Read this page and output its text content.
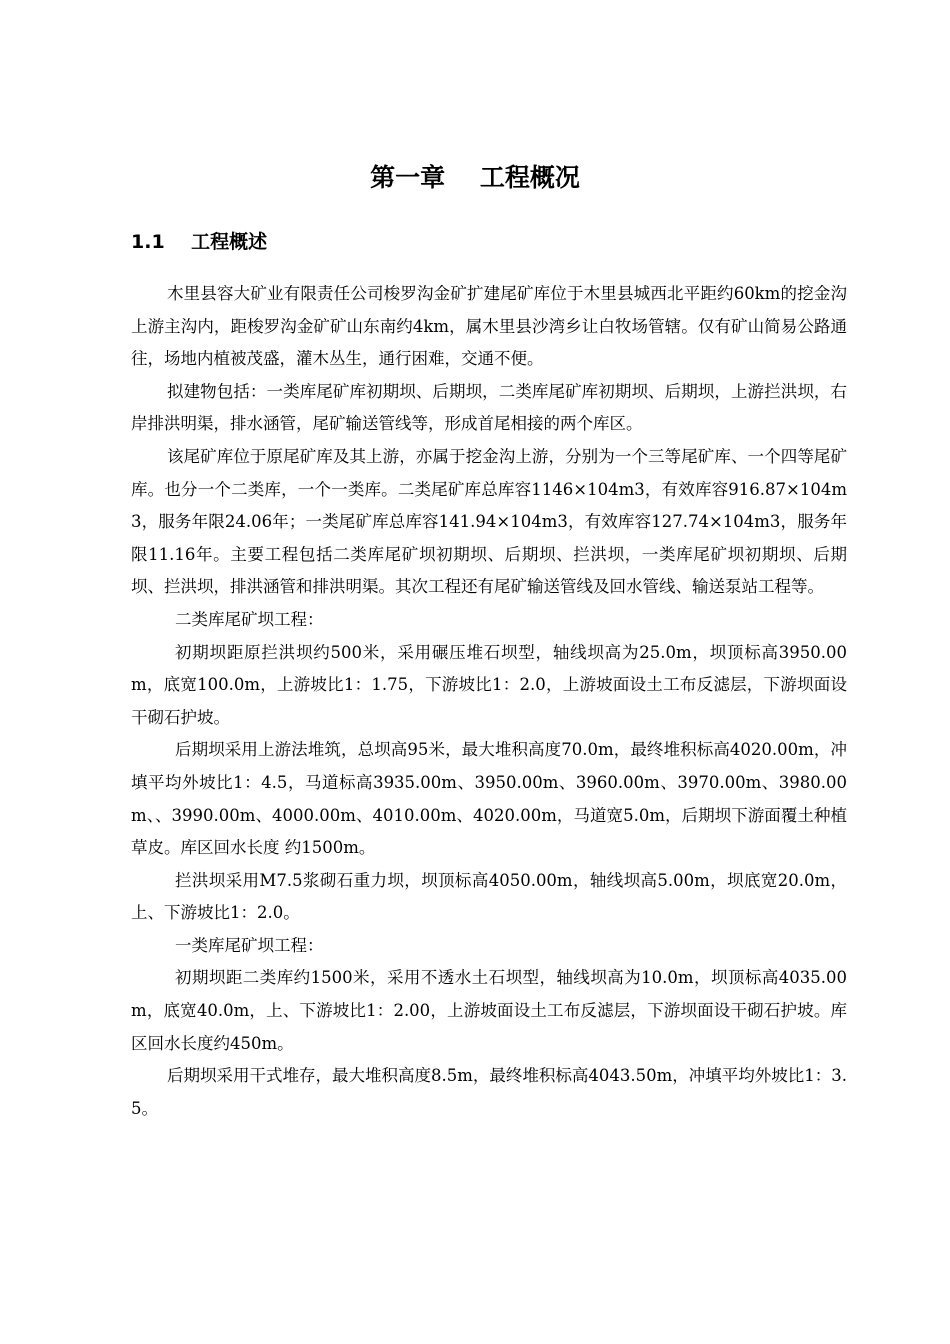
第一章    工程概况
1.1 工程概述

木里县容大矿业有限责任公司梭罗沟金矿扩建尾矿库位于木里县城西北平距约60km的挖金沟上游主沟内，距梭罗沟金矿矿山东南约4km，属木里县沙湾乡让白牧场管辖。仅有矿山简易公路通往，场地内植被茂盛，灌木丛生，通行困难，交通不便。

拟建物包括：一类库尾矿库初期坝、后期坝，二类库尾矿库初期坝、后期坝，上游拦洪坝，右岸排洪明渠，排水涵管，尾矿输送管线等，形成首尾相接的两个库区。

该尾矿库位于原尾矿库及其上游，亦属于挖金沟上游，分别为一个三等尾矿库、一个四等尾矿库。也分一个二类库，一个一类库。二类尾矿库总库容1146×104m3，有效库容916.87×104m3，服务年限24.06年；一类尾矿库总库容141.94×104m3，有效库容127.74×104m3，服务年限11.16年。主要工程包括二类库尾矿坝初期坝、后期坝、拦洪坝，一类库尾矿坝初期坝、后期坝、拦洪坝，排洪涵管和排洪明渠。其次工程还有尾矿输送管线及回水管线、输送泵站工程等。

二类库尾矿坝工程：

初期坝距原拦洪坝约500米，采用碾压堆石坝型，轴线坝高为25.0m，坝顶标高3950.00m，底宽100.0m，上游坡比1：1.75，下游坡比1：2.0，上游坡面设土工布反滤层，下游坝面设干砌石护坡。

后期坝采用上游法堆筑，总坝高95米，最大堆积高度70.0m，最终堆积标高4020.00m，冲填平均外坡比1：4.5，马道标高3935.00m、3950.00m、3960.00m、3970.00m、3980.00m、、3990.00m、4000.00m、4010.00m、4020.00m，马道宽5.0m，后期坝下游面覆土种植草皮。库区回水长度 约1500m。

拦洪坝采用M7.5浆砌石重力坝，坝顶标高4050.00m，轴线坝高5.00m，坝底宽20.0m，上、下游坡比1：2.0。

一类库尾矿坝工程：

初期坝距二类库约1500米，采用不透水土石坝型，轴线坝高为10.0m，坝顶标高4035.00m，底宽40.0m，上、下游坡比1：2.00，上游坡面设土工布反滤层，下游坝面设干砌石护坡。库区回水长度约450m。

后期坝采用干式堆存，最大堆积高度8.5m，最终堆积标高4043.50m，冲填平均外坡比1：3.5。
